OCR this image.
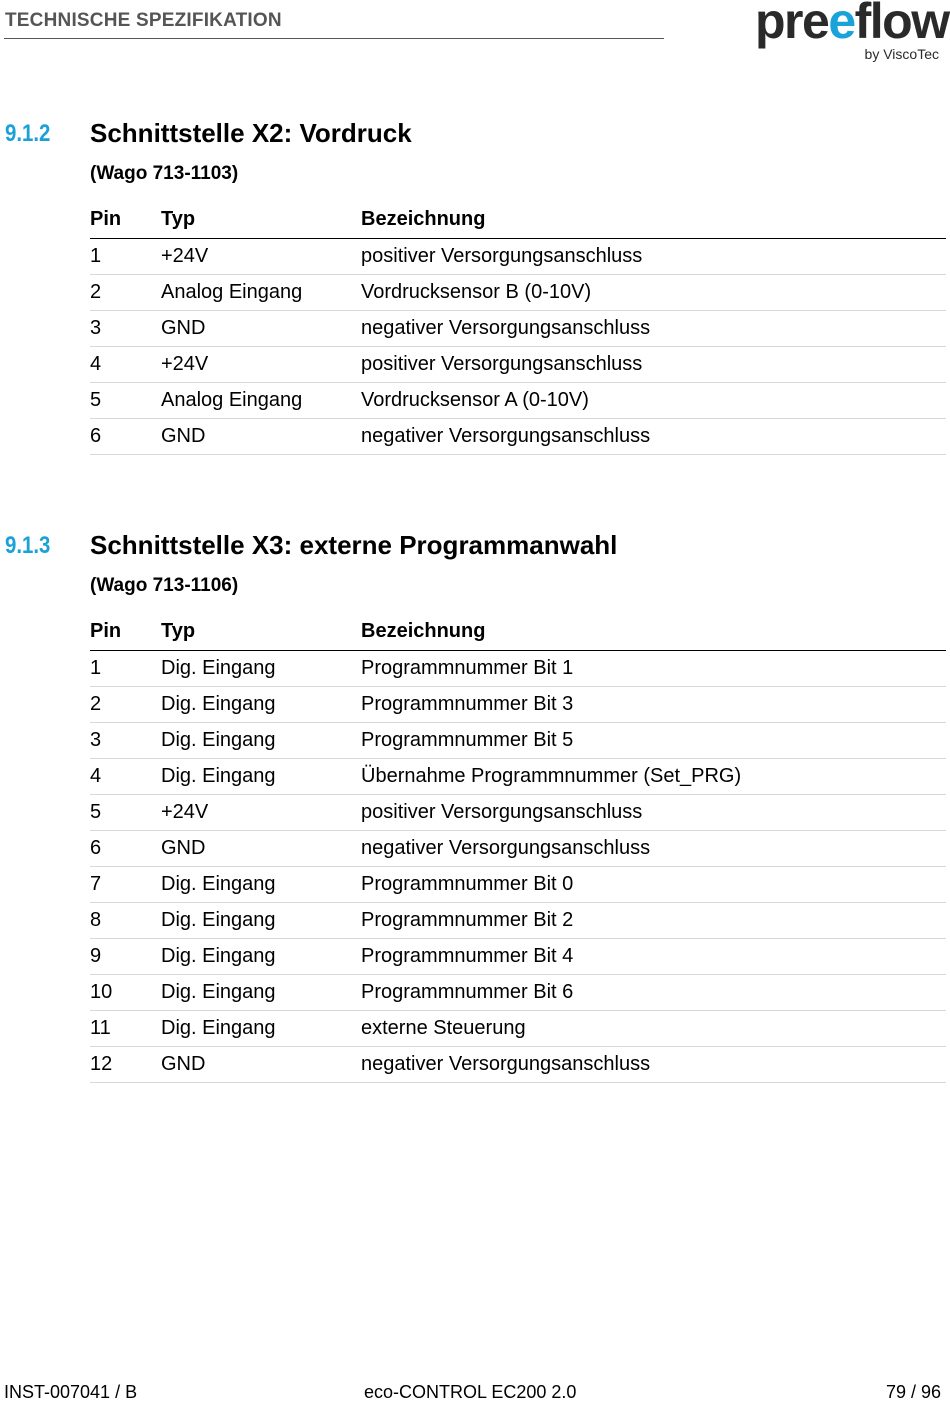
TECHNISCHE SPEZIFIKATION	preeflow
by ViscoTec
9.1.2 Schnittstelle X2: Vordruck
(Wago 713-1103)
Pin	Typ	Bezeichnung
1	+24V	positiver Versorgungsanschluss
2	Analog Eingang	Vordrucksensor B (0-10V)
3	GND	negativer Versorgungsanschluss
4	+24V	positiver Versorgungsanschluss
5	Analog Eingang	Vordrucksensor A (0-10V)
6	GND	negativer Versorgungsanschluss
9.1.3 Schnittstelle X3: externe Programmanwahl
(Wago 713-1106)
Pin	Typ	Bezeichnung
1	Dig. Eingang	Programmnummer Bit 1
2	Dig. Eingang	Programmnummer Bit 3
3	Dig. Eingang	Programmnummer Bit 5
4	Dig. Eingang	Übernahme Programmnummer (Set_PRG)
5	+24V	positiver Versorgungsanschluss
6	GND	negativer Versorgungsanschluss
7	Dig. Eingang	Programmnummer Bit 0
8	Dig. Eingang	Programmnummer Bit 2
9	Dig. Eingang	Programmnummer Bit 4
10	Dig. Eingang	Programmnummer Bit 6
11	Dig. Eingang	externe Steuerung
12	GND	negativer Versorgungsanschluss
INST-007041 / B	eco-CONTROL EC200 2.0	79 / 96
